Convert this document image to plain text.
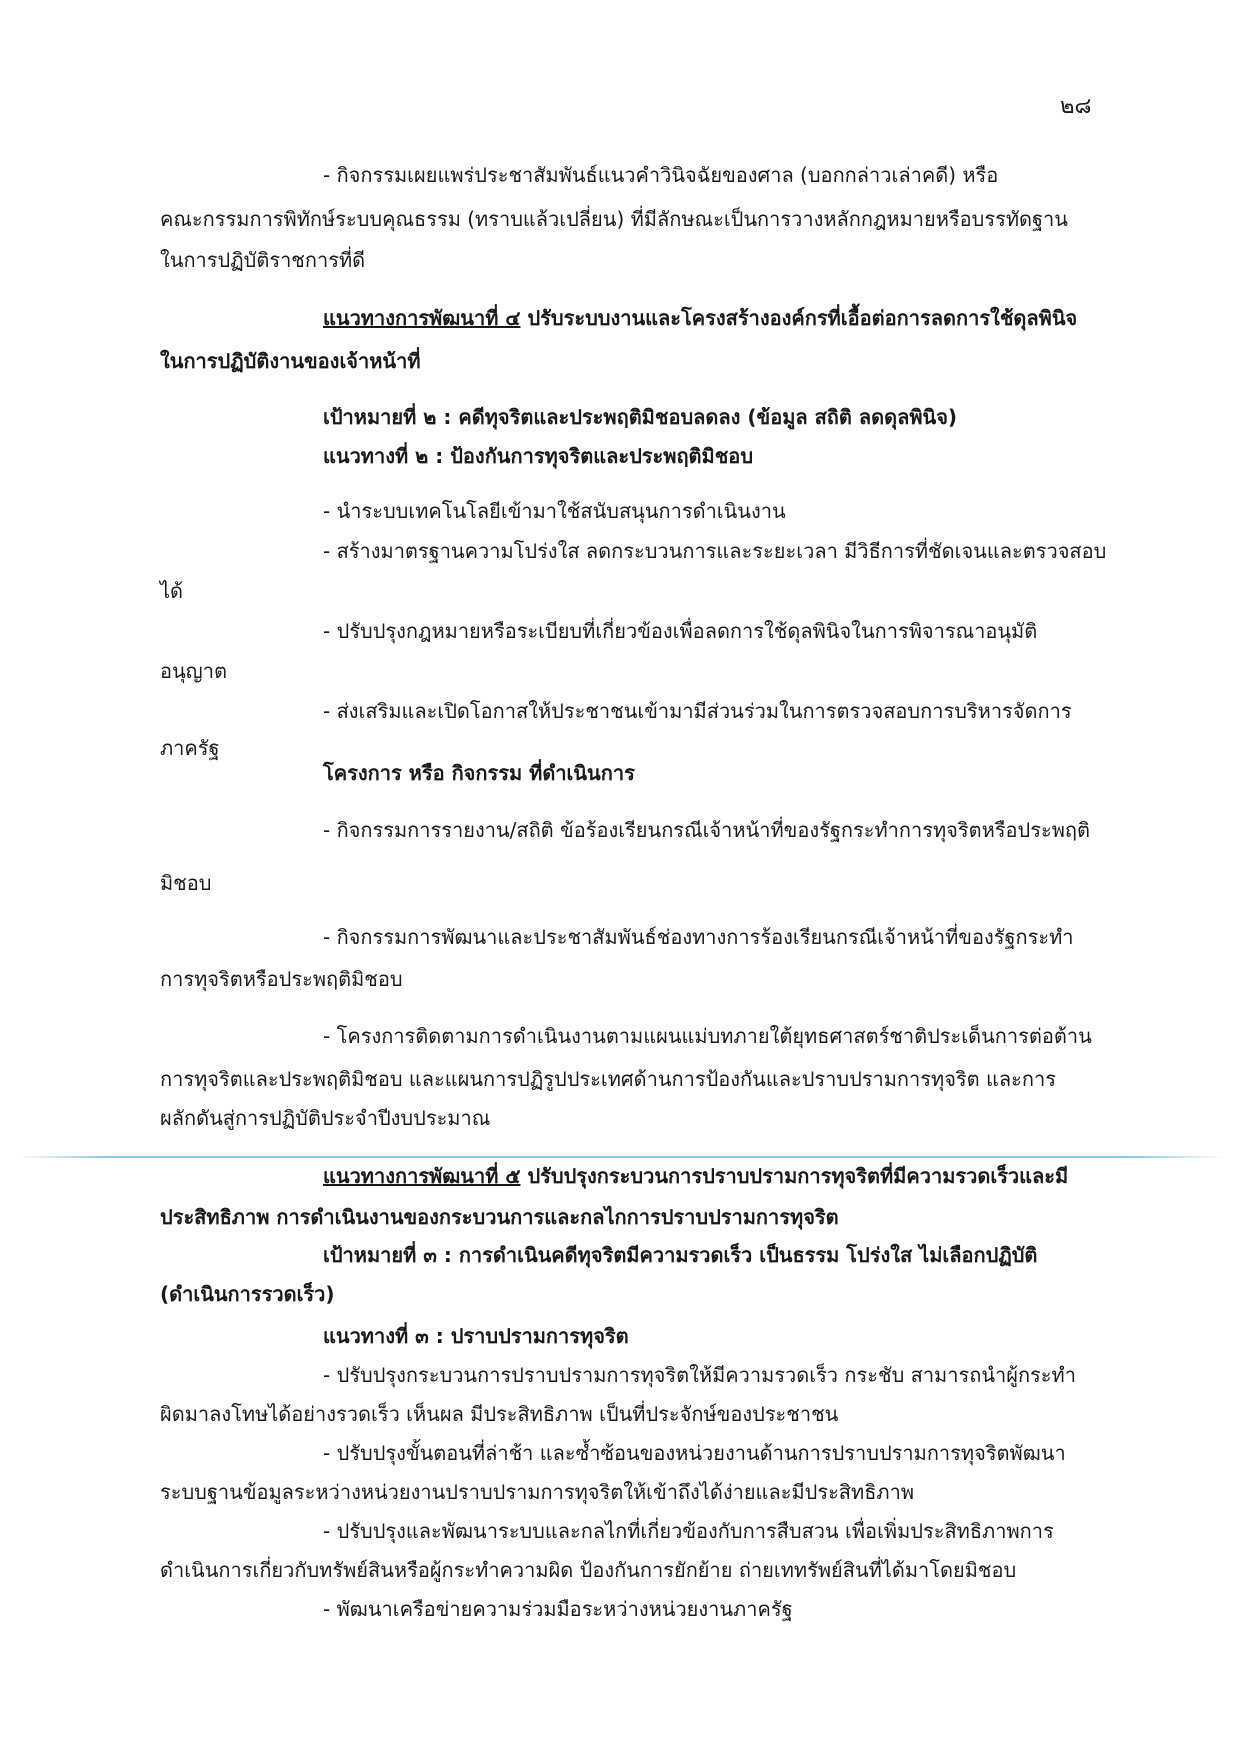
๒๘
- กิจกรรมเผยแพร่ประชาสัมพันธ์แนวคำวินิจฉัยของศาล (บอกกล่าวเล่าคดี) หรือ
คณะกรรมการพิทักษ์ระบบคุณธรรม (ทราบแล้วเปลี่ยน) ที่มีลักษณะเป็นการวางหลักกฎหมายหรือบรรทัดฐาน
ในการปฏิบัติราชการที่ดี
แนวทางการพัฒนาที่ ๔ ปรับระบบงานและโครงสร้างองค์กรที่เอื้อต่อการลดการใช้ดุลพินิจ
ในการปฏิบัติงานของเจ้าหน้าที่
เป้าหมายที่ ๒ : คดีทุจริตและประพฤติมิชอบลดลง (ข้อมูล สถิติ ลดดุลพินิจ)
แนวทางที่ ๒ : ป้องกันการทุจริตและประพฤติมิชอบ
- นำระบบเทคโนโลยีเข้ามาใช้สนับสนุนการดำเนินงาน
- สร้างมาตรฐานความโปร่งใส ลดกระบวนการและระยะเวลา มีวิธีการที่ชัดเจนและตรวจสอบ
ได้
- ปรับปรุงกฎหมายหรือระเบียบที่เกี่ยวข้องเพื่อลดการใช้ดุลพินิจในการพิจารณาอนุมัติ
อนุญาต
- ส่งเสริมและเปิดโอกาสให้ประชาชนเข้ามามีส่วนร่วมในการตรวจสอบการบริหารจัดการ
ภาครัฐ
โครงการ หรือ กิจกรรม ที่ดำเนินการ
- กิจกรรมการรายงาน/สถิติ ข้อร้องเรียนกรณีเจ้าหน้าที่ของรัฐกระทำการทุจริตหรือประพฤติ
มิชอบ
- กิจกรรมการพัฒนาและประชาสัมพันธ์ช่องทางการร้องเรียนกรณีเจ้าหน้าที่ของรัฐกระทำ
การทุจริตหรือประพฤติมิชอบ
- โครงการติดตามการดำเนินงานตามแผนแม่บทภายใต้ยุทธศาสตร์ชาติประเด็นการต่อต้าน
การทุจริตและประพฤติมิชอบ และแผนการปฏิรูปประเทศด้านการป้องกันและปราบปรามการทุจริต และการ
ผลักดันสู่การปฏิบัติประจำปีงบประมาณ
แนวทางการพัฒนาที่ ๕ ปรับปรุงกระบวนการปราบปรามการทุจริตที่มีความรวดเร็วและมี
ประสิทธิภาพ การดำเนินงานของกระบวนการและกลไกการปราบปรามการทุจริต
เป้าหมายที่ ๓ : การดำเนินคดีทุจริตมีความรวดเร็ว เป็นธรรม โปร่งใส ไม่เลือกปฏิบัติ
(ดำเนินการรวดเร็ว)
แนวทางที่ ๓ : ปราบปรามการทุจริต
- ปรับปรุงกระบวนการปราบปรามการทุจริตให้มีความรวดเร็ว กระชับ สามารถนำผู้กระทำ
ผิดมาลงโทษได้อย่างรวดเร็ว เห็นผล มีประสิทธิภาพ เป็นที่ประจักษ์ของประชาชน
- ปรับปรุงขั้นตอนที่ล่าช้า และซ้ำซ้อนของหน่วยงานด้านการปราบปรามการทุจริตพัฒนา
ระบบฐานข้อมูลระหว่างหน่วยงานปราบปรามการทุจริตให้เข้าถึงได้ง่ายและมีประสิทธิภาพ
- ปรับปรุงและพัฒนาระบบและกลไกที่เกี่ยวข้องกับการสืบสวน เพื่อเพิ่มประสิทธิภาพการ
ดำเนินการเกี่ยวกับทรัพย์สินหรือผู้กระทำความผิด ป้องกันการยักย้าย ถ่ายเททรัพย์สินที่ได้มาโดยมิชอบ
- พัฒนาเครือข่ายความร่วมมือระหว่างหน่วยงานภาครัฐ
